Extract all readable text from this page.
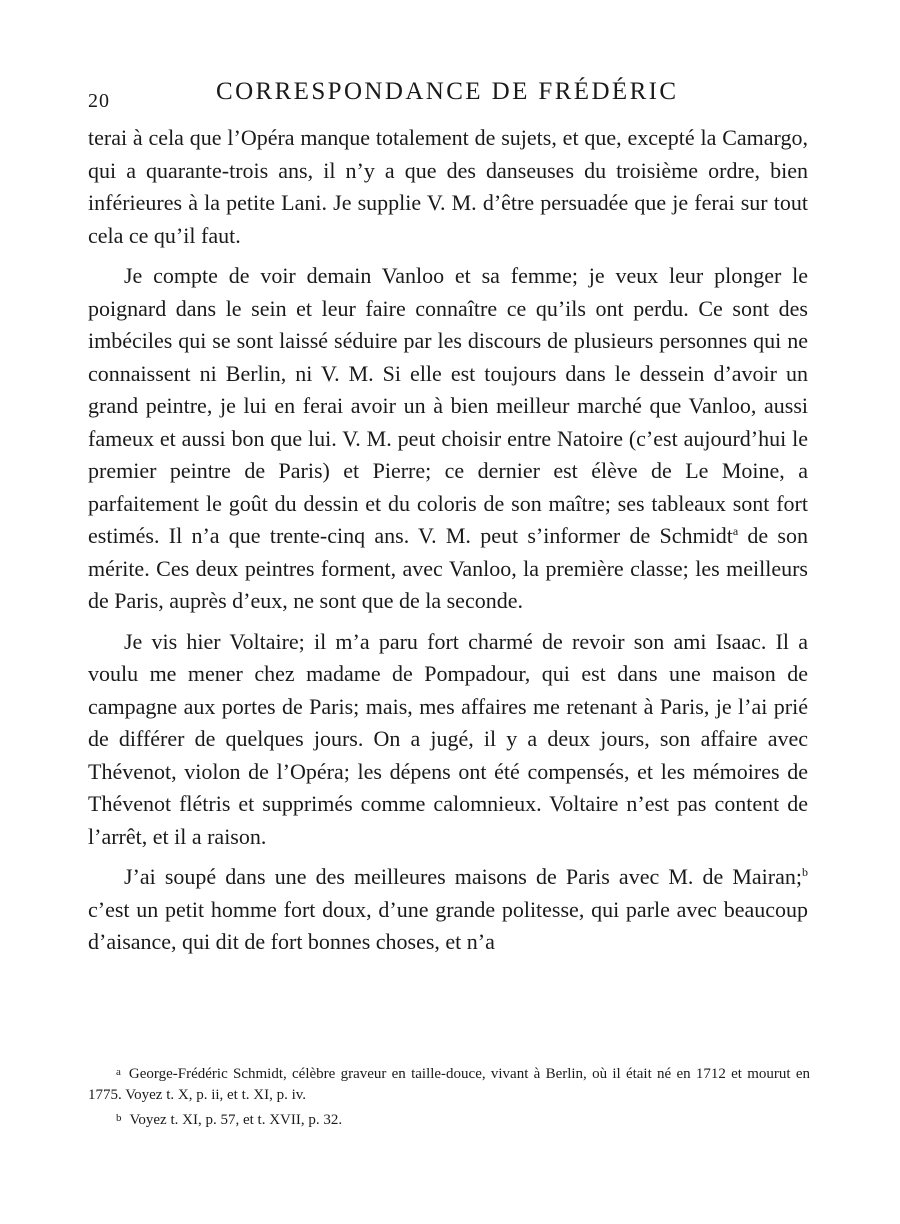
20	CORRESPONDANCE DE FRÉDÉRIC

terai à cela que l’Opéra manque totalement de sujets, et que, excepté la Camargo, qui a quarante-trois ans, il n’y a que des danseuses du troisième ordre, bien inférieures à la petite Lani. Je supplie V. M. d’être persuadée que je ferai sur tout cela ce qu’il faut.

Je compte de voir demain Vanloo et sa femme; je veux leur plonger le poignard dans le sein et leur faire connaître ce qu’ils ont perdu. Ce sont des imbéciles qui se sont laissé séduire par les discours de plusieurs personnes qui ne connaissent ni Berlin, ni V. M. Si elle est toujours dans le dessein d’avoir un grand peintre, je lui en ferai avoir un à bien meilleur marché que Vanloo, aussi fameux et aussi bon que lui. V. M. peut choisir entre Natoire (c’est aujourd’hui le premier peintre de Paris) et Pierre; ce dernier est élève de Le Moine, a parfaitement le goût du dessin et du coloris de son maître; ses tableaux sont fort estimés. Il n’a que trente-cinq ans. V. M. peut s’informer de Schmidt$^a$ de son mérite. Ces deux peintres forment, avec Vanloo, la première classe; les meilleurs de Paris, auprès d’eux, ne sont que de la seconde.

Je vis hier Voltaire; il m’a paru fort charmé de revoir son ami Isaac. Il a voulu me mener chez madame de Pompadour, qui est dans une maison de campagne aux portes de Paris; mais, mes affaires me retenant à Paris, je l’ai prié de différer de quelques jours. On a jugé, il y a deux jours, son affaire avec Thévenot, violon de l’Opéra; les dépens ont été compensés, et les mémoires de Thévenot flétris et supprimés comme calomnieux. Voltaire n’est pas content de l’arrêt, et il a raison.

J’ai soupé dans une des meilleures maisons de Paris avec M. de Mairan;$^b$ c’est un petit homme fort doux, d’une grande politesse, qui parle avec beaucoup d’aisance, qui dit de fort bonnes choses, et n’a

$^a$ George-Frédéric Schmidt, célèbre graveur en taille-douce, vivant à Berlin, où il était né en 1712 et mourut en 1775. Voyez t. X, p. ii, et t. XI, p. iv.

$^b$ Voyez t. XI, p. 57, et t. XVII, p. 32.
